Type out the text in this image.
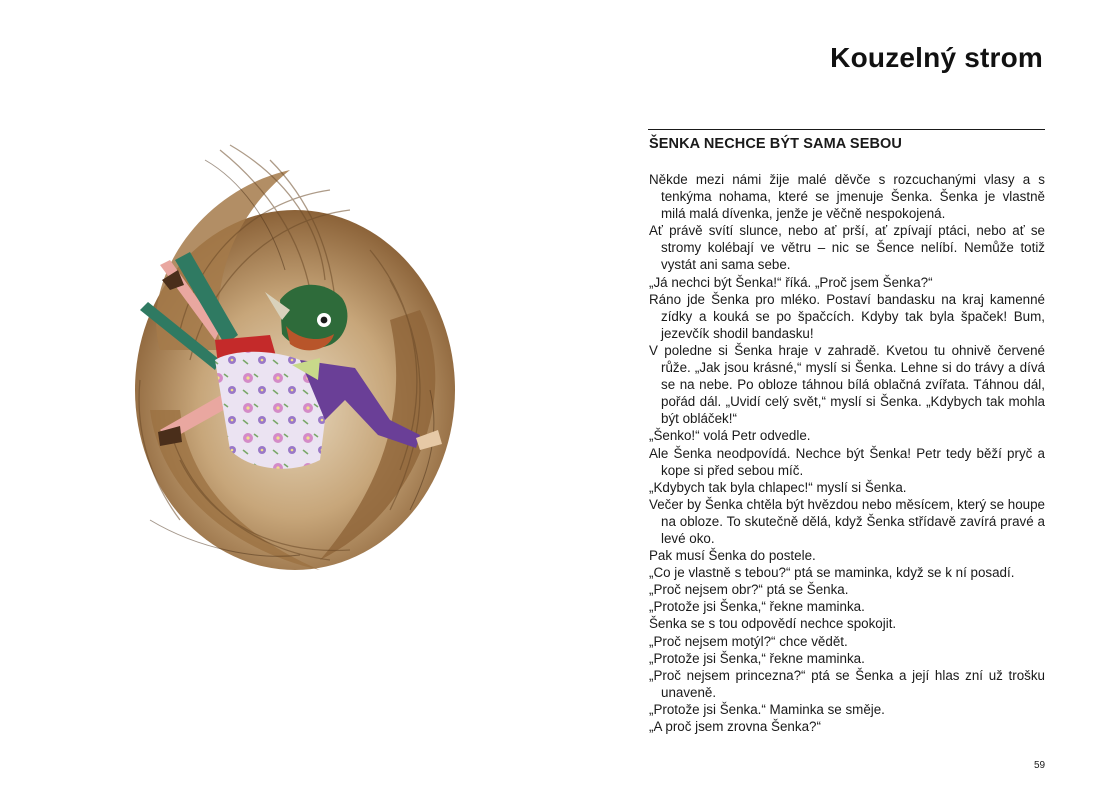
Kouzelný strom
ŠENKA NECHCE BÝT SAMA SEBOU

Někde mezi námi žije malé děvče s rozcuchanými vlasy a s tenkýma nohama, které se jmenuje Šenka. Šenka je vlastně milá malá dívenka, jenže je věčně nespokojená.

Ať právě svítí slunce, nebo ať prší, ať zpívají ptáci, nebo ať se stromy kolébají ve větru – nic se Šence nelíbí. Nemůže totiž vystát ani sama sebe.

„Já nechci být Šenka!“ říká. „Proč jsem Šenka?“

Ráno jde Šenka pro mléko. Postaví bandasku na kraj kamenné zídky a kouká se po špačcích. Kdyby tak byla špaček! Bum, jezevčík shodil bandasku!

V poledne si Šenka hraje v zahradě. Kvetou tu ohnivě červené růže. „Jak jsou krásné,“ myslí si Šenka. Lehne si do trávy a dívá se na nebe. Po obloze táhnou bílá oblačná zvířata. Táhnou dál, pořád dál. „Uvidí celý svět,“ myslí si Šenka. „Kdybych tak mohla být obláček!“

„Šenko!“ volá Petr odvedle.

Ale Šenka neodpovídá. Nechce být Šenka! Petr tedy běží pryč a kope si před sebou míč.

„Kdybych tak byla chlapec!“ myslí si Šenka.

Večer by Šenka chtěla být hvězdou nebo měsícem, který se houpe na obloze. To skutečně dělá, když Šenka střídavě zavírá pravé a levé oko.

Pak musí Šenka do postele.

„Co je vlastně s tebou?“ ptá se maminka, když se k ní posadí.

„Proč nejsem obr?“ ptá se Šenka.

„Protože jsi Šenka,“ řekne maminka.

Šenka se s tou odpovědí nechce spokojit.

„Proč nejsem motýl?“ chce vědět.

„Protože jsi Šenka,“ řekne maminka.

„Proč nejsem princezna?“ ptá se Šenka a její hlas zní už trošku unaveně.

„Protože jsi Šenka.“ Maminka se směje.

„A proč jsem zrovna Šenka?“

59
